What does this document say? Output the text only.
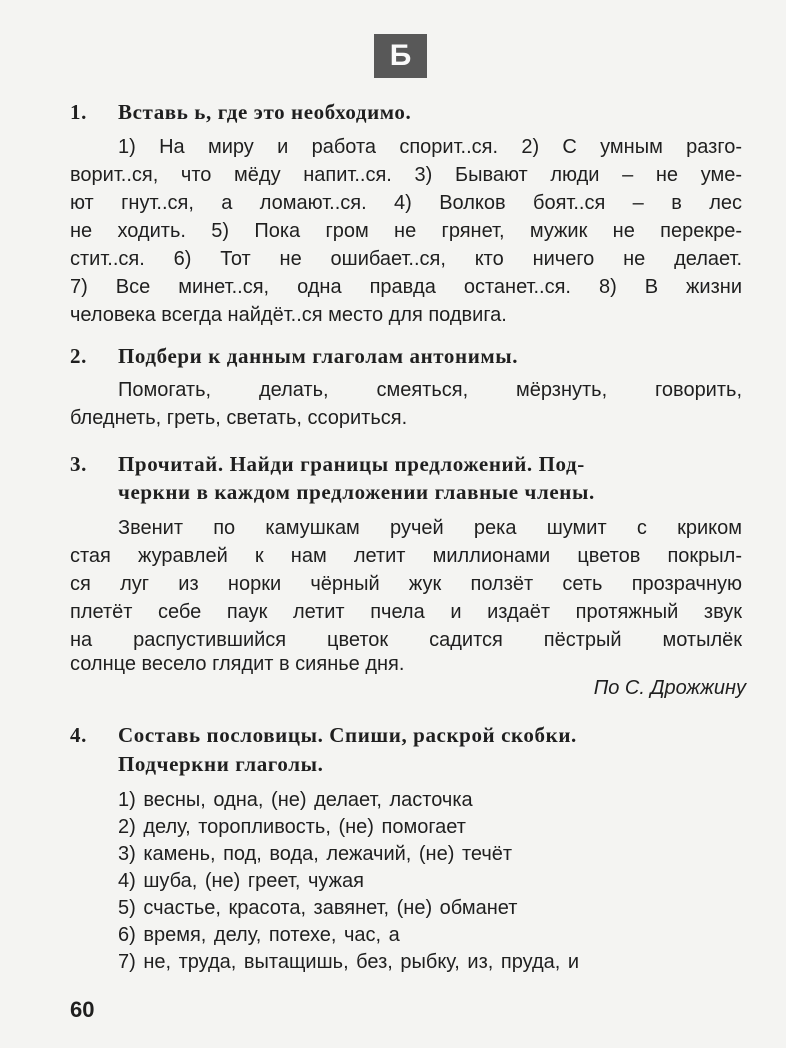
Б
1. Вставь ь, где это необходимо.
1) На миру и работа спорит..ся. 2) С умным разго-
ворит..ся, что мёду напит..ся. 3) Бывают люди – не уме-
ют гнут..ся, а ломают..ся. 4) Волков боят..ся – в лес
не ходить. 5) Пока гром не грянет, мужик не перекре-
стит..ся. 6) Тот не ошибает..ся, кто ничего не делает.
7) Все минет..ся, одна правда останет..ся. 8) В жизни
человека всегда найдёт..ся место для подвига.
2. Подбери к данным глаголам антонимы.
Помогать, делать, смеяться, мёрзнуть, говорить,
бледнеть, греть, светать, ссориться.
3. Прочитай. Найди границы предложений. Под-
черкни в каждом предложении главные члены.
Звенит по камушкам ручей река шумит с криком
стая журавлей к нам летит миллионами цветов покрыл-
ся луг из норки чёрный жук ползёт сеть прозрачную
плетёт себе паук летит пчела и издаёт протяжный звук
на распустившийся цветок садится пёстрый мотылёк
солнце весело глядит в сиянье дня.
По С. Дрожжину
4. Составь пословицы. Спиши, раскрой скобки.
Подчеркни глаголы.
1) весны, одна, (не) делает, ласточка
2) делу, торопливость, (не) помогает
3) камень, под, вода, лежачий, (не) течёт
4) шуба, (не) греет, чужая
5) счастье, красота, завянет, (не) обманет
6) время, делу, потехе, час, а
7) не, труда, вытащишь, без, рыбку, из, пруда, и
60
